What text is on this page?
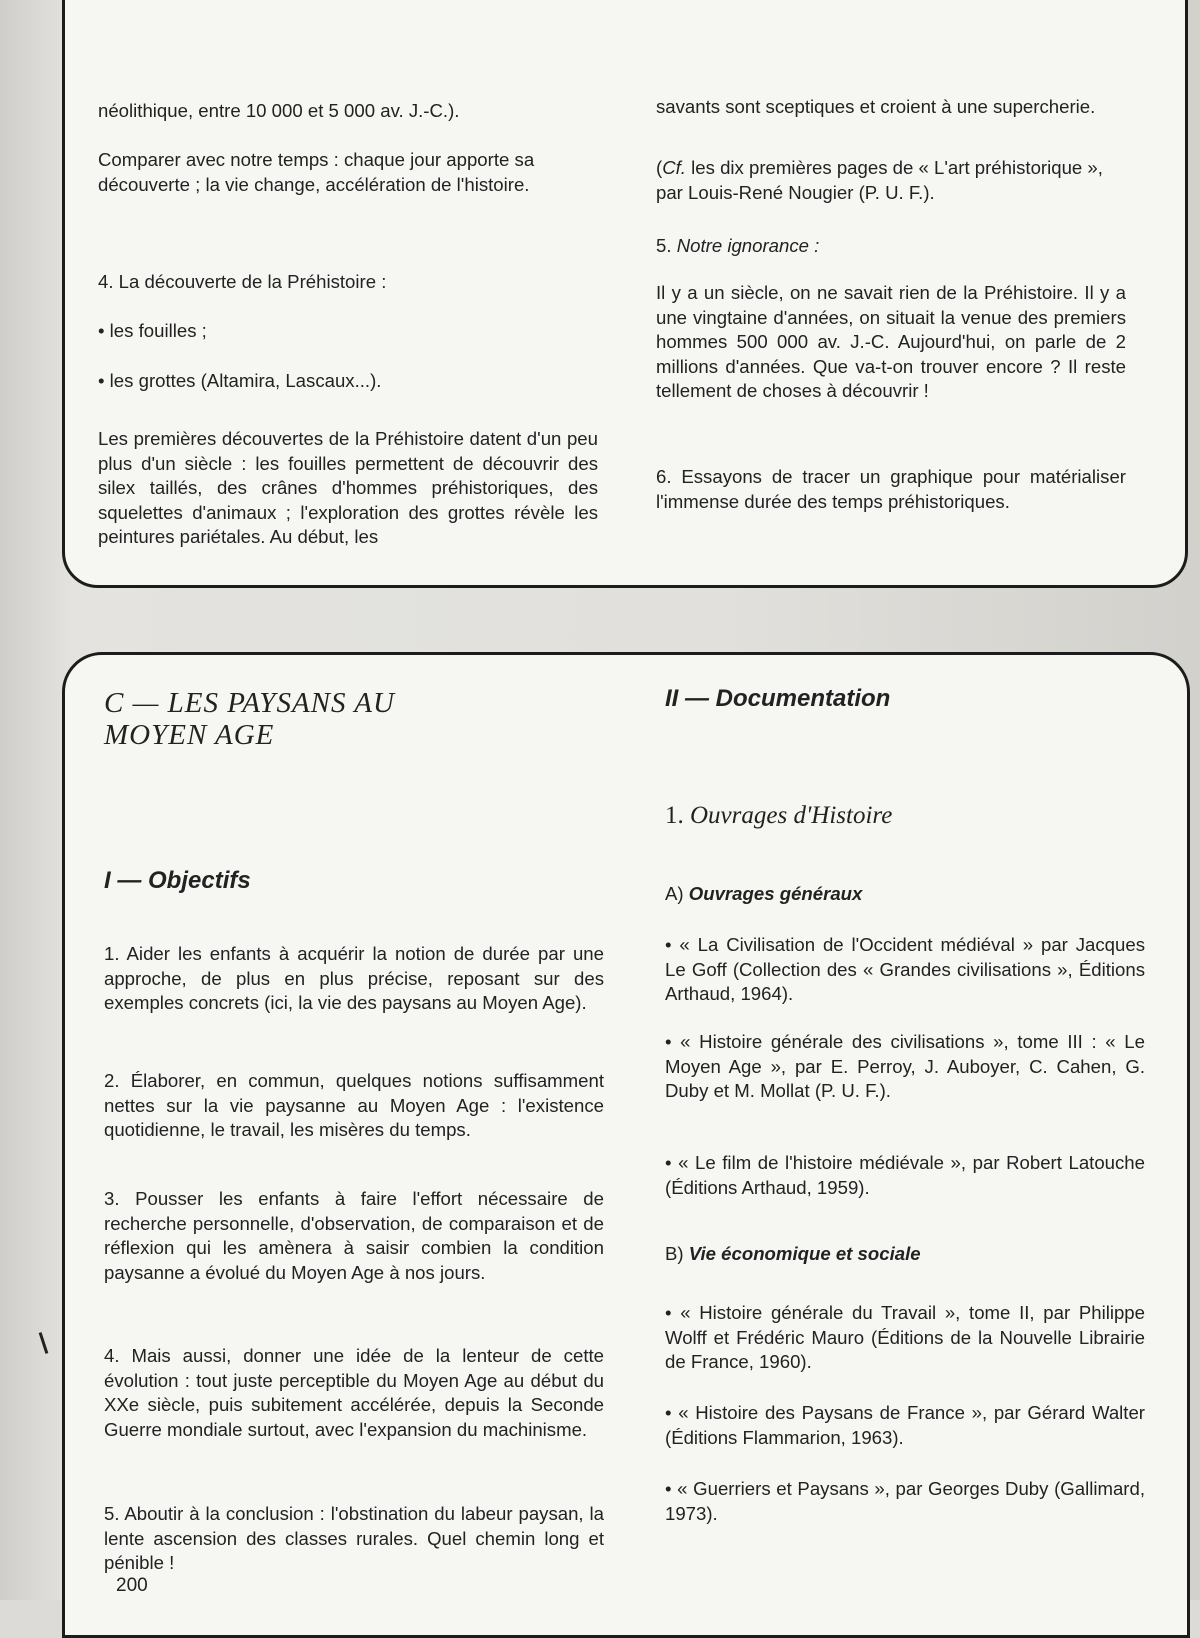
néolithique, entre 10 000 et 5 000 av. J.-C.).

Comparer avec notre temps : chaque jour apporte sa découverte ; la vie change, accélération de l'histoire.

4. La découverte de la Préhistoire :

• les fouilles ;

• les grottes (Altamira, Lascaux...).

Les premières découvertes de la Préhistoire datent d'un peu plus d'un siècle : les fouilles permettent de découvrir des silex taillés, des crânes d'hommes préhistoriques, des squelettes d'animaux ; l'exploration des grottes révèle les peintures pariétales. Au début, les

savants sont sceptiques et croient à une supercherie.

(Cf. les dix premières pages de « L'art préhistorique », par Louis-René Nougier (P. U. F.).

5. Notre ignorance :

Il y a un siècle, on ne savait rien de la Préhistoire. Il y a une vingtaine d'années, on situait la venue des premiers hommes 500 000 av. J.-C. Aujourd'hui, on parle de 2 millions d'années. Que va-t-on trouver encore ? Il reste tellement de choses à découvrir !

6. Essayons de tracer un graphique pour matérialiser l'immense durée des temps préhistoriques.

C — LES PAYSANS AU
MOYEN AGE

I — Objectifs

1. Aider les enfants à acquérir la notion de durée par une approche, de plus en plus précise, reposant sur des exemples concrets (ici, la vie des paysans au Moyen Age).

2. Élaborer, en commun, quelques notions suffisamment nettes sur la vie paysanne au Moyen Age : l'existence quotidienne, le travail, les misères du temps.

3. Pousser les enfants à faire l'effort nécessaire de recherche personnelle, d'observation, de comparaison et de réflexion qui les amènera à saisir combien la condition paysanne a évolué du Moyen Age à nos jours.

4. Mais aussi, donner une idée de la lenteur de cette évolution : tout juste perceptible du Moyen Age au début du XXe siècle, puis subitement accélérée, depuis la Seconde Guerre mondiale surtout, avec l'expansion du machinisme.

5. Aboutir à la conclusion : l'obstination du labeur paysan, la lente ascension des classes rurales. Quel chemin long et pénible !

II — Documentation

1. Ouvrages d'Histoire

A) Ouvrages généraux

• « La Civilisation de l'Occident médiéval » par Jacques Le Goff (Collection des « Grandes civilisations », Éditions Arthaud, 1964).

• « Histoire générale des civilisations », tome III : « Le Moyen Age », par E. Perroy, J. Auboyer, C. Cahen, G. Duby et M. Mollat (P. U. F.).

• « Le film de l'histoire médiévale », par Robert Latouche (Éditions Arthaud, 1959).

B) Vie économique et sociale

• « Histoire générale du Travail », tome II, par Philippe Wolff et Frédéric Mauro (Éditions de la Nouvelle Librairie de France, 1960).

• « Histoire des Paysans de France », par Gérard Walter (Éditions Flammarion, 1963).

• « Guerriers et Paysans », par Georges Duby (Gallimard, 1973).

200
